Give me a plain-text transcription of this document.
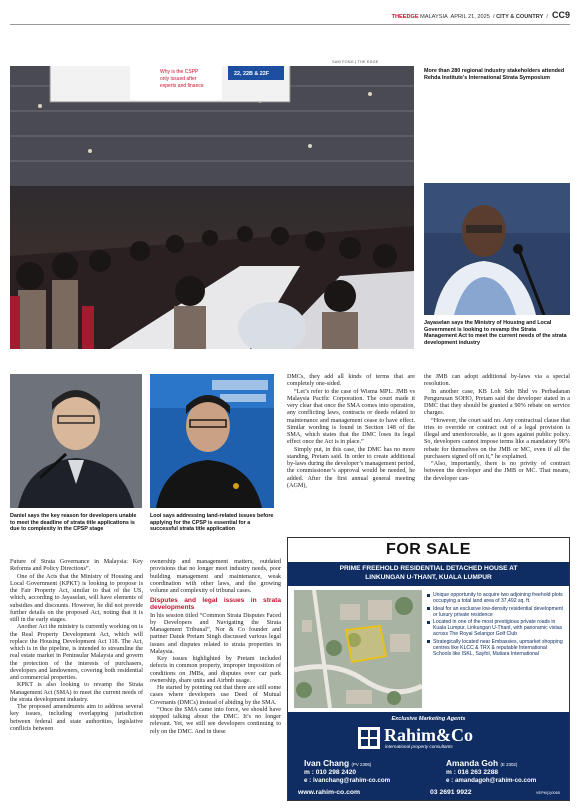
THEEDGE MALAYSIA APRIL 21, 2025  / CITY & COUNTRY  / CC9
SAM FONG | THE EDGE
Why is the CSPP
only issued after
experts and finance
22, 22B & 22F	More than 280 regional industry stakeholders attended Rehda Institute's International Strata Symposium
Jayaselan says the Ministry of Housing and Local Government is looking to revamp the Strata Management Act to meet the current needs of the strata development industry
Daniel says the key reason for developers unable to meet the deadline of strata title applications is due to complexity in the CPSP stage
Looi says addressing land-related issues before applying for the CPSP is essential for a successful strata title application

DMCs, they add all kinds of terms that are completely one-sided.

“Let’s refer to the case of Wisma MPL. JMB vs Malaysia Pacific Corporation. The court made it very clear that once the SMA comes into operation, any conflicting laws, contracts or deeds related to maintenance and management cease to have effect. Similar wording is found in Section 148 of the SMA, which states that the DMC loses its legal effect once the Act is in place.”

Simply put, in this case, the DMC has no more standing, Pretam said. In order to create additional by-laws during the developer’s management period, the commissioner’s approval would be needed, he added. After the first annual general meeting (AGM),

the JMB can adopt additional by-laws via a special resolution.

In another case, KB Loh Sdn Bhd vs Perbadanan Pengurusan SOHO, Pretam said the developer stated in a DMC that they should be granted a 90% rebate on service charges.

“However, the court said no. Any contractual clause that tries to override or contract out of a legal provision is illegal and unenforceable, as it goes against public policy. So, developers cannot impose terms like a mandatory 90% rebate for themselves on the JMB or MC, even if all the purchasers signed off on it,” he explained.

“Also, importantly, there is no privity of contract between the developer and the JMB or MC. That means, the developer can-

Future of Strata Governance in Malaysia: Key Reforms and Policy Directions”.

One of the Acts that the Ministry of Housing and Local Government (KPKT) is looking to propose is the Fair Property Act, similar to that of the US, which, according to Jayaselan, will have elements of subsidies and discounts. However, he did not provide further details on the proposed Act, noting that it is still in the early stages.

Another Act the ministry is currently working on is the Real Property Development Act, which will replace the Housing Development Act 118. The Act, which is in the pipeline, is intended to streamline the real estate market in Peninsular Malaysia and govern the protection of the interests of purchasers, developers and landowners, covering both residential and commercial properties.

KPKT is also looking to revamp the Strata Management Act (SMA) to meet the current needs of the strata development industry.

The proposed amendments aim to address several key issues, including overlapping jurisdiction between federal and state authorities, legislative conflicts between

ownership and management matters, outdated provisions that no longer meet industry needs, poor building management and maintenance, weak coordination with other laws, and the growing volume and complexity of tribunal cases.

Disputes and legal issues in strata developments

In his session titled “Common Strata Disputes Faced by Developers and Navigating the Strata Management Tribunal”, Nor & Co founder and partner Datuk Pretam Singh discussed various legal issues and disputes related to strata properties in Malaysia.

Key issues highlighted by Pretam included defects in common property, improper imposition of conditions on JMBs, and disputes over car park ownership, share units and Airbnb usage.

He started by pointing out that there are still some cases where developers use Deed of Mutual Covenants (DMCs) instead of abiding by the SMA.

“Once the SMA came into force, we should have stopped talking about the DMC. It’s no longer relevant. Yet, we still see developers continuing to rely on the DMC. And in these

FOR SALE
PRIME FREEHOLD RESIDENTIAL DETACHED HOUSE AT
LINKUNGAN U-THANT, KUALA LUMPUR
Unique opportunity to acquire two adjoining freehold plots occupying a total land area of 37,492 sq. ft.
Ideal for an exclusive low-density residential development or luxury private residence
Located in one of the most prestigious private roads in Kuala Lumpur, Linkungan U-Thant, with panoramic vistas across The Royal Selangor Golf Club
Strategically located near Embassies, upmarket shopping centres like KLCC & TRX & reputable International Schools like ISKL, Sayfol, Mutiara International
Exclusive Marketing Agents
Rahim&Co
international property consultants
Ivan Chang (PV 2306)
m : 010 298 2420
e : ivanchang@rahim-co.com
Amanda Goh (E 2302)
m : 016 263 2288
e : amandagoh@rahim-co.com
www.rahim-co.com	03 2691 9922	VEPM(1)0065
